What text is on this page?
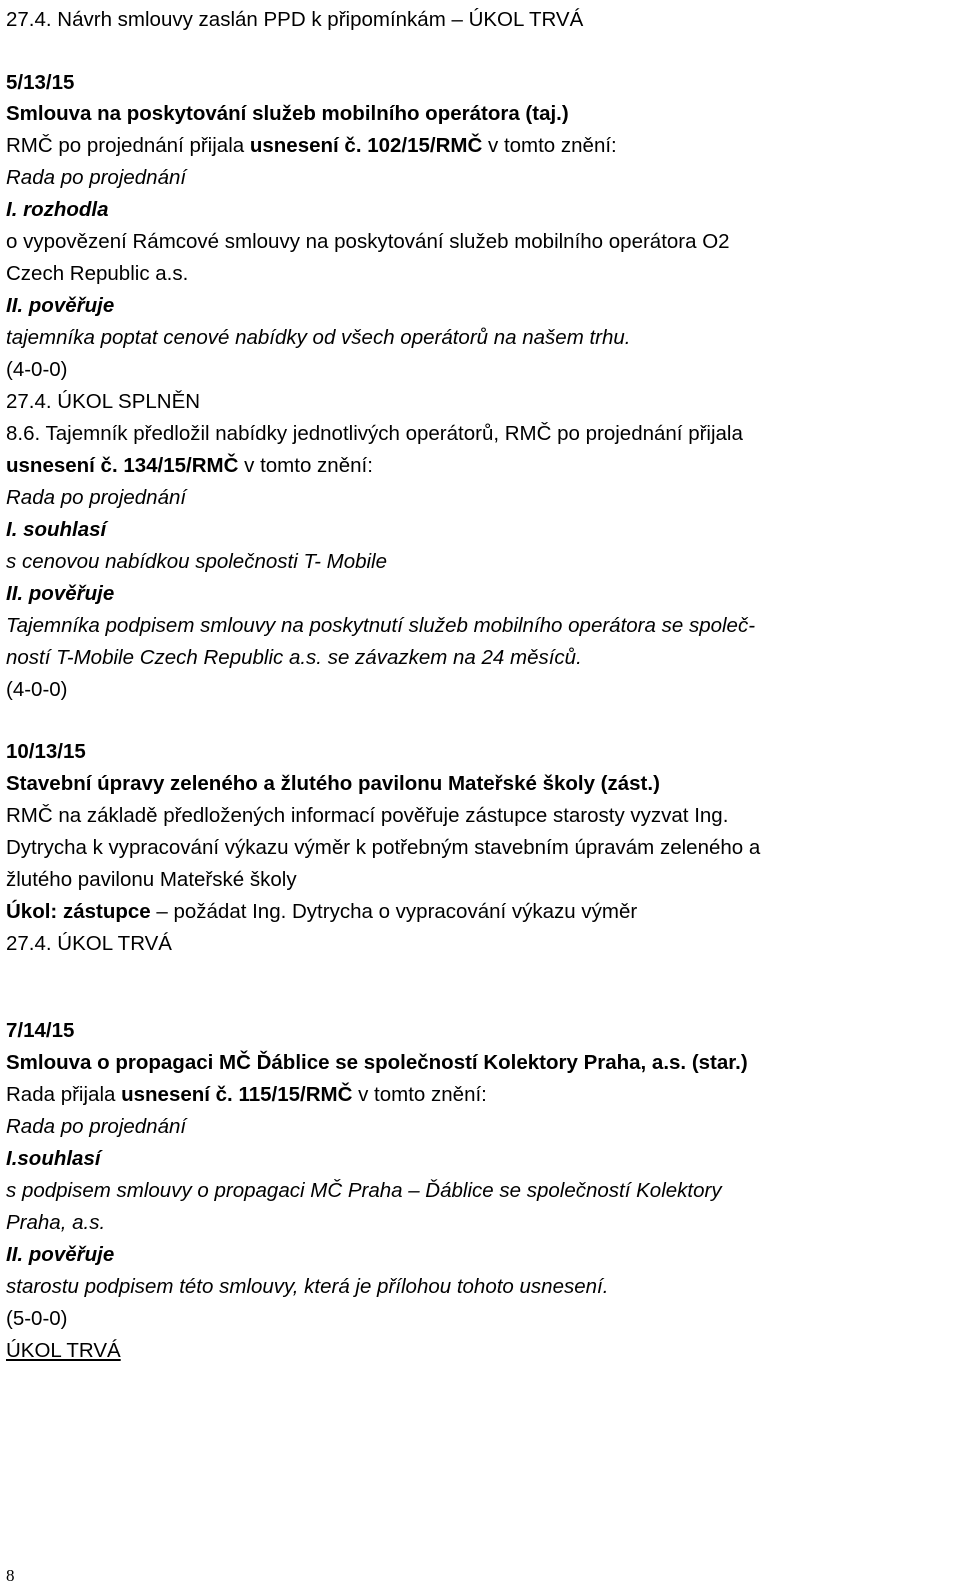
27.4. Návrh smlouvy zaslán PPD k připomínkám – ÚKOL TRVÁ
5/13/15
Smlouva na poskytování služeb mobilního operátora (taj.)
RMČ po projednání přijala usnesení č. 102/15/RMČ v tomto znění:
Rada po projednání
I. rozhodla
o vypovězení Rámcové smlouvy na poskytování služeb mobilního operátora O2
Czech Republic a.s.
II. pověřuje
tajemníka poptat cenové nabídky od všech operátorů na našem trhu.
(4-0-0)
27.4. ÚKOL SPLNĚN
8.6. Tajemník předložil nabídky jednotlivých operátorů, RMČ po projednání přijala
usnesení č. 134/15/RMČ v tomto znění:
Rada po projednání
I. souhlasí
s cenovou nabídkou společnosti T- Mobile
II. pověřuje
Tajemníka podpisem smlouvy na poskytnutí služeb mobilního operátora se společ-
ností T-Mobile Czech Republic a.s. se závazkem na 24 měsíců.
(4-0-0)
10/13/15
Stavební úpravy zeleného a žlutého pavilonu Mateřské školy (zást.)
RMČ na základě předložených informací pověřuje zástupce starosty vyzvat Ing.
Dytrycha k vypracování výkazu výměr k potřebným stavebním úpravám zeleného a
žlutého pavilonu Mateřské školy
Úkol: zástupce – požádat Ing. Dytrycha o vypracování výkazu výměr
27.4. ÚKOL TRVÁ
7/14/15
Smlouva o propagaci MČ Ďáblice se společností Kolektory Praha, a.s. (star.)
Rada přijala usnesení č. 115/15/RMČ v tomto znění:
Rada po projednání
I.souhlasí
s podpisem smlouvy o propagaci MČ Praha – Ďáblice se společností Kolektory
Praha, a.s.
II. pověřuje
starostu podpisem této smlouvy, která je přílohou tohoto usnesení.
(5-0-0)
ÚKOL TRVÁ
8
